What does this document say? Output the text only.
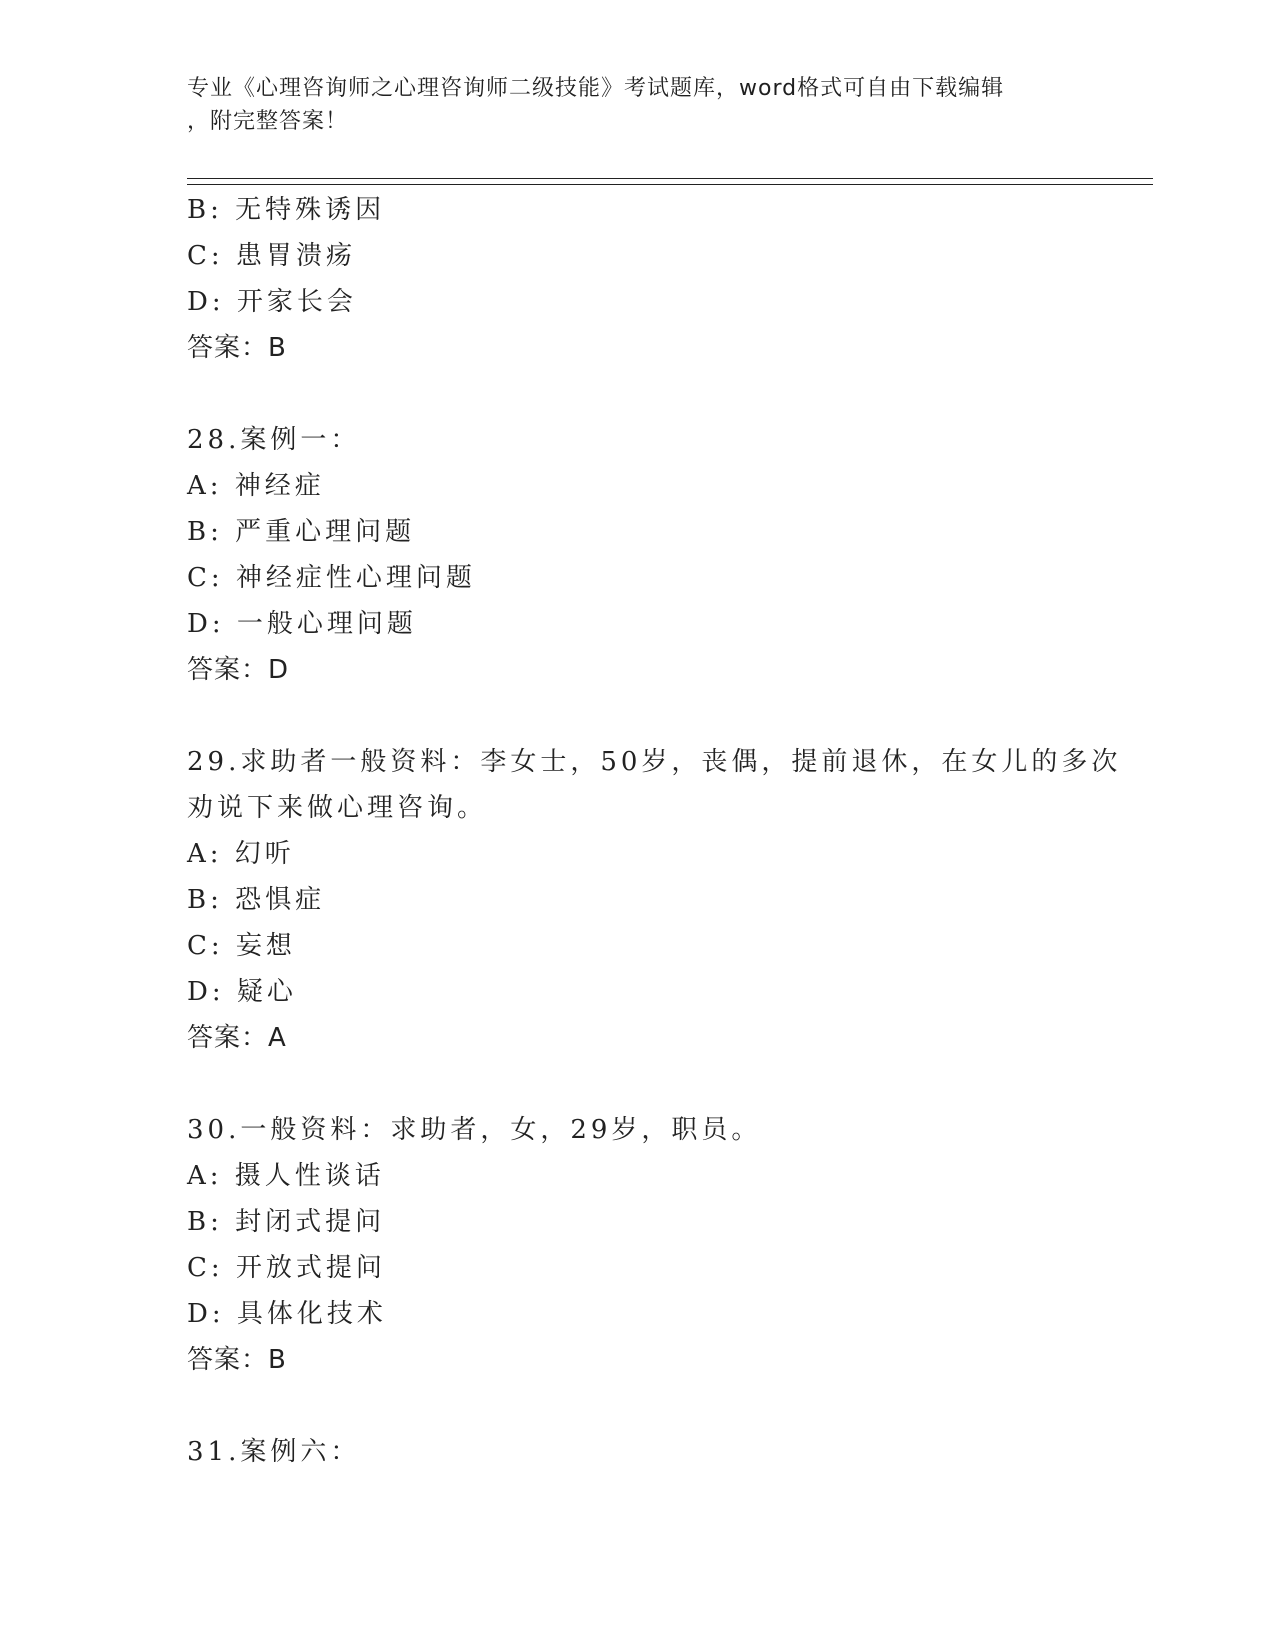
专业《心理咨询师之心理咨询师二级技能》考试题库，word格式可自由下载编辑
，附完整答案！
B: 无特殊诱因
C: 患胃溃疡
D: 开家长会
答案：B
28.案例一：
A: 神经症
B: 严重心理问题
C: 神经症性心理问题
D: 一般心理问题
答案：D
29.求助者一般资料：李女士，50岁，丧偶，提前退休，在女儿的多次
劝说下来做心理咨询。
A: 幻听
B: 恐惧症
C: 妄想
D: 疑心
答案：A
30.一般资料：求助者，女，29岁，职员。
A: 摄人性谈话
B: 封闭式提问
C: 开放式提问
D: 具体化技术
答案：B
31.案例六：
